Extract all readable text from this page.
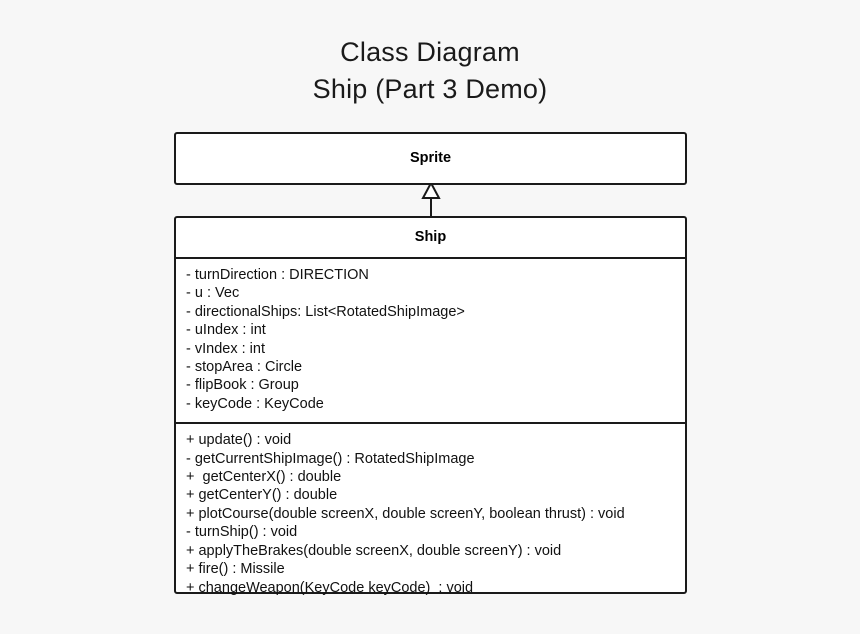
Class Diagram
Ship (Part 3 Demo)
Sprite
Ship
- turnDirection : DIRECTION
- u : Vec
- directionalShips: List<RotatedShipImage>
- uIndex : int
- vIndex : int
- stopArea : Circle
- flipBook : Group
- keyCode : KeyCode
+ update() : void
- getCurrentShipImage() : RotatedShipImage
+  getCenterX() : double
+ getCenterY() : double
+ plotCourse(double screenX, double screenY, boolean thrust) : void
- turnShip() : void
+ applyTheBrakes(double screenX, double screenY) : void
+ fire() : Missile
+ changeWeapon(KeyCode keyCode)  : void
